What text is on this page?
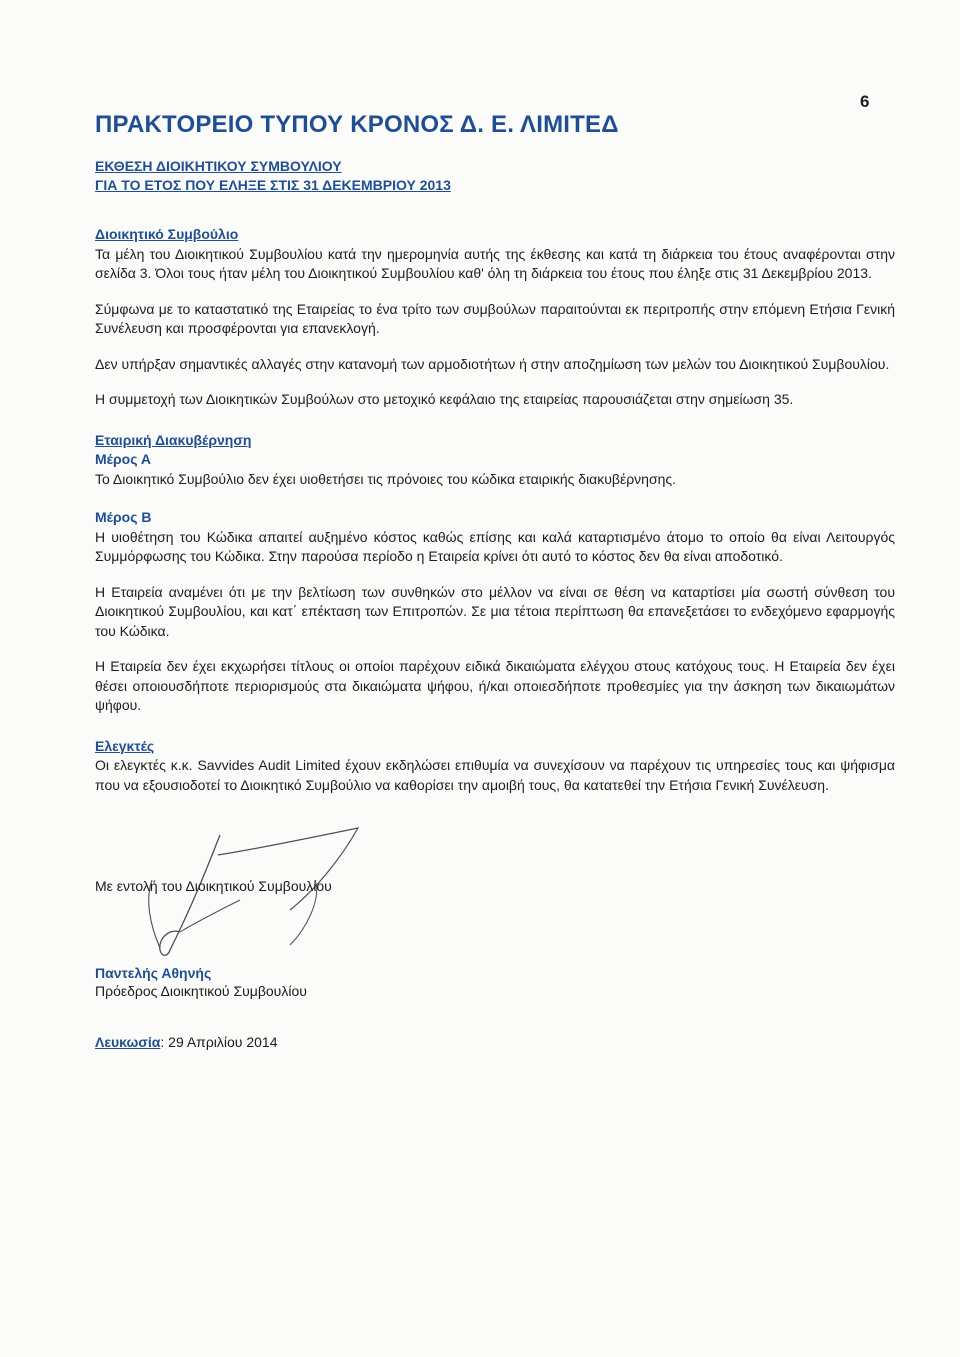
6
ΠΡΑΚΤΟΡΕΙΟ ΤΥΠΟΥ ΚΡΟΝΟΣ Δ. Ε. ΛΙΜΙΤΕΔ
ΕΚΘΕΣΗ ΔΙΟΙΚΗΤΙΚΟΥ ΣΥΜΒΟΥΛΙΟΥ
ΓΙΑ ΤΟ ΕΤΟΣ ΠΟΥ ΕΛΗΞΕ ΣΤΙΣ 31 ΔΕΚΕΜΒΡΙΟΥ 2013
Διοικητικό Συμβούλιο

Τα μέλη του Διοικητικού Συμβουλίου κατά την ημερομηνία αυτής της έκθεσης και κατά τη διάρκεια του έτους αναφέρονται στην σελίδα 3. Όλοι τους ήταν μέλη του Διοικητικού Συμβουλίου καθ' όλη τη διάρκεια του έτους που έληξε στις 31 Δεκεμβρίου 2013.

Σύμφωνα με το καταστατικό της Εταιρείας το ένα τρίτο των συμβούλων παραιτούνται εκ περιτροπής στην επόμενη Ετήσια Γενική Συνέλευση και προσφέρονται για επανεκλογή.

Δεν υπήρξαν σημαντικές αλλαγές στην κατανομή των αρμοδιοτήτων ή στην αποζημίωση των μελών του Διοικητικού Συμβουλίου.

Η συμμετοχή των Διοικητικών Συμβούλων στο μετοχικό κεφάλαιο της εταιρείας παρουσιάζεται στην σημείωση 35.

Εταιρική Διακυβέρνηση
Μέρος Α

Το Διοικητικό Συμβούλιο δεν έχει υιοθετήσει τις πρόνοιες του κώδικα εταιρικής διακυβέρνησης.

Μέρος Β

Η υιοθέτηση του Κώδικα απαιτεί αυξημένο κόστος καθώς επίσης και καλά καταρτισμένο άτομο το οποίο θα είναι Λειτουργός Συμμόρφωσης του Κώδικα. Στην παρούσα περίοδο η Εταιρεία κρίνει ότι αυτό το κόστος δεν θα είναι αποδοτικό.

Η Εταιρεία αναμένει ότι με την βελτίωση των συνθηκών στο μέλλον να είναι σε θέση να καταρτίσει μία σωστή σύνθεση του Διοικητικού Συμβουλίου, και κατ΄ επέκταση των Επιτροπών. Σε μια τέτοια περίπτωση θα επανεξετάσει το ενδεχόμενο εφαρμογής του Κώδικα.

Η Εταιρεία δεν έχει εκχωρήσει τίτλους οι οποίοι παρέχουν ειδικά δικαιώματα ελέγχου στους κατόχους τους. Η Εταιρεία δεν έχει θέσει οποιουσδήποτε περιορισμούς στα δικαιώματα ψήφου, ή/και οποιεσδήποτε προθεσμίες για την άσκηση των δικαιωμάτων ψήφου.

Ελεγκτές

Οι ελεγκτές κ.κ. Savvides Audit Limited έχουν εκδηλώσει επιθυμία να συνεχίσουν να παρέχουν τις υπηρεσίες τους και ψήφισμα που να εξουσιοδοτεί το Διοικητικό Συμβούλιο να καθορίσει την αμοιβή τους, θα κατατεθεί την Ετήσια Γενική Συνέλευση.

Με εντολή του Διοικητικού Συμβουλίου
Παντελής Αθηνής
Πρόεδρος Διοικητικού Συμβουλίου
Λευκωσία: 29 Απριλίου 2014
